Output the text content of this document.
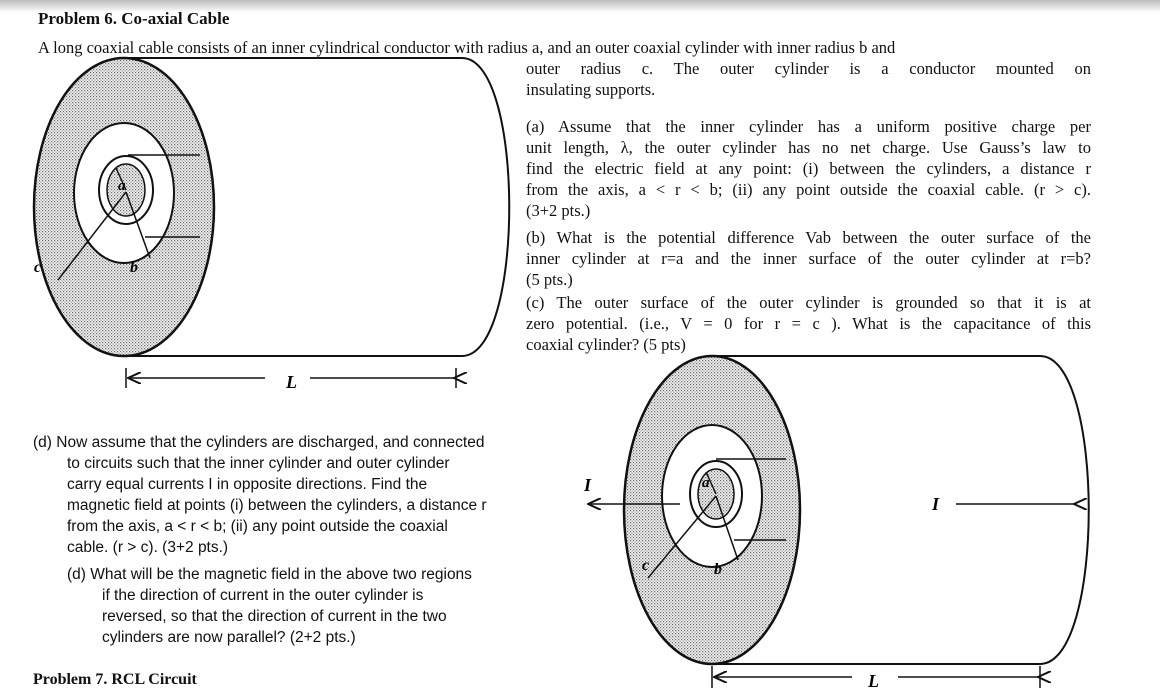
Problem 6. Co-axial Cable
A long coaxial cable consists of an inner cylindrical conductor with radius a, and an outer coaxial cylinder with inner radius b and
outer radius c. The outer cylinder is a conductor mounted on
insulating supports.
(a) Assume that the inner cylinder has a uniform positive charge per
unit length, λ, the outer cylinder has no net charge. Use Gauss’s law to
find the electric field at any point: (i) between the cylinders, a distance r
from the axis, a < r < b; (ii) any point outside the coaxial cable. (r > c).
(3+2 pts.)
(b) What is the potential difference Vab between the outer surface of the
inner cylinder at r=a and the inner surface of the outer cylinder at r=b?
(5 pts.)
(c) The outer surface of the outer cylinder is grounded so that it is at
zero potential. (i.e., V = 0 for r = c ). What is the capacitance of this
coaxial cylinder? (5 pts)
(d) Now assume that the cylinders are discharged, and connected
to circuits such that the inner cylinder and outer cylinder
carry equal currents I in opposite directions. Find the
magnetic field at points (i) between the cylinders, a distance r
from the axis, a < r < b; (ii) any point outside the coaxial
cable. (r > c). (3+2 pts.)
(d) What will be the magnetic field in the above two regions
if the direction of current in the outer cylinder is
reversed, so that the direction of current in the two
cylinders are now parallel? (2+2 pts.)
Problem 7. RCL Circuit
a
b
c
L
a
b
c
I
I
L
